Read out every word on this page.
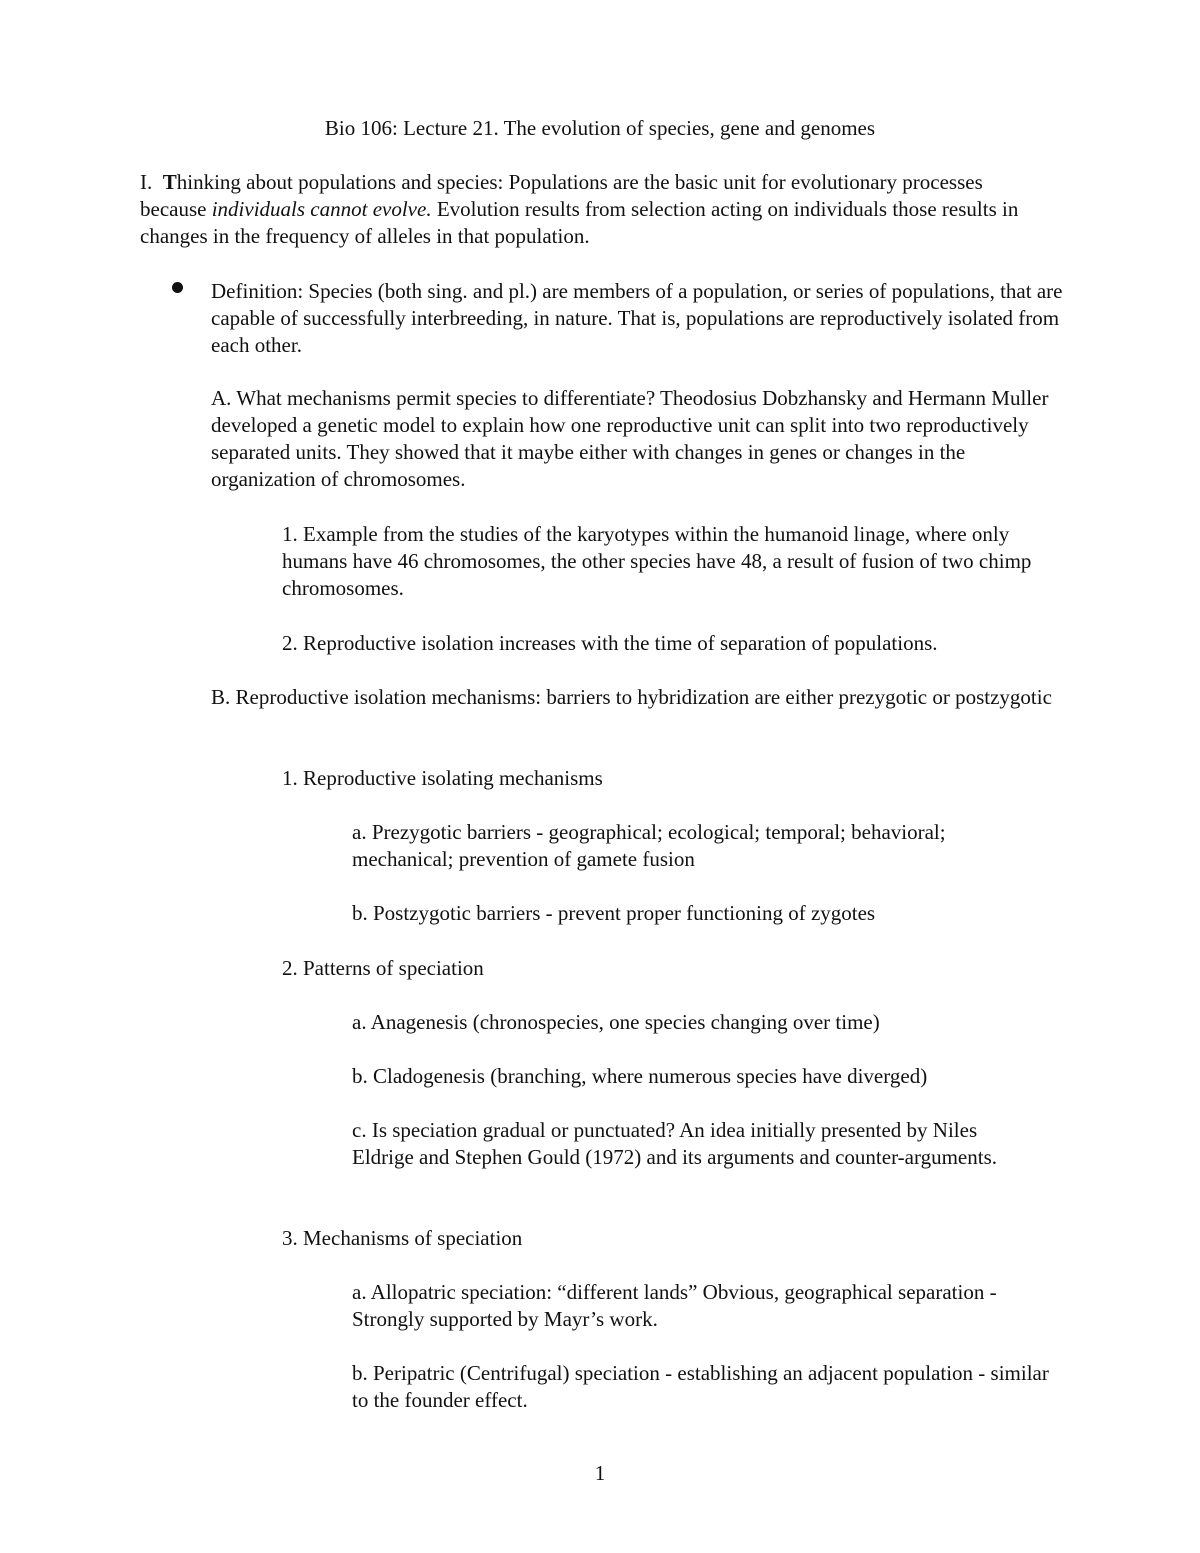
Bio 106: Lecture 21. The evolution of species, gene and genomes

I. Thinking about populations and species: Populations are the basic unit for evolutionary processes because individuals cannot evolve. Evolution results from selection acting on individuals those results in changes in the frequency of alleles in that population.

Definition: Species (both sing. and pl.) are members of a population, or series of populations, that are capable of successfully interbreeding, in nature. That is, populations are reproductively isolated from each other.

A. What mechanisms permit species to differentiate? Theodosius Dobzhansky and Hermann Muller developed a genetic model to explain how one reproductive unit can split into two reproductively separated units. They showed that it maybe either with changes in genes or changes in the organization of chromosomes.

1. Example from the studies of the karyotypes within the humanoid linage, where only humans have 46 chromosomes, the other species have 48, a result of fusion of two chimp chromosomes.

2. Reproductive isolation increases with the time of separation of populations.

B. Reproductive isolation mechanisms: barriers to hybridization are either prezygotic or postzygotic

1. Reproductive isolating mechanisms

a. Prezygotic barriers - geographical; ecological; temporal; behavioral; mechanical; prevention of gamete fusion

b. Postzygotic barriers - prevent proper functioning of zygotes

2. Patterns of speciation

a. Anagenesis (chronospecies, one species changing over time)

b. Cladogenesis (branching, where numerous species have diverged)

c. Is speciation gradual or punctuated? An idea initially presented by Niles Eldrige and Stephen Gould (1972) and its arguments and counter-arguments.

3. Mechanisms of speciation

a. Allopatric speciation: “different lands” Obvious, geographical separation - Strongly supported by Mayr’s work.

b. Peripatric (Centrifugal) speciation - establishing an adjacent population - similar to the founder effect.

1
